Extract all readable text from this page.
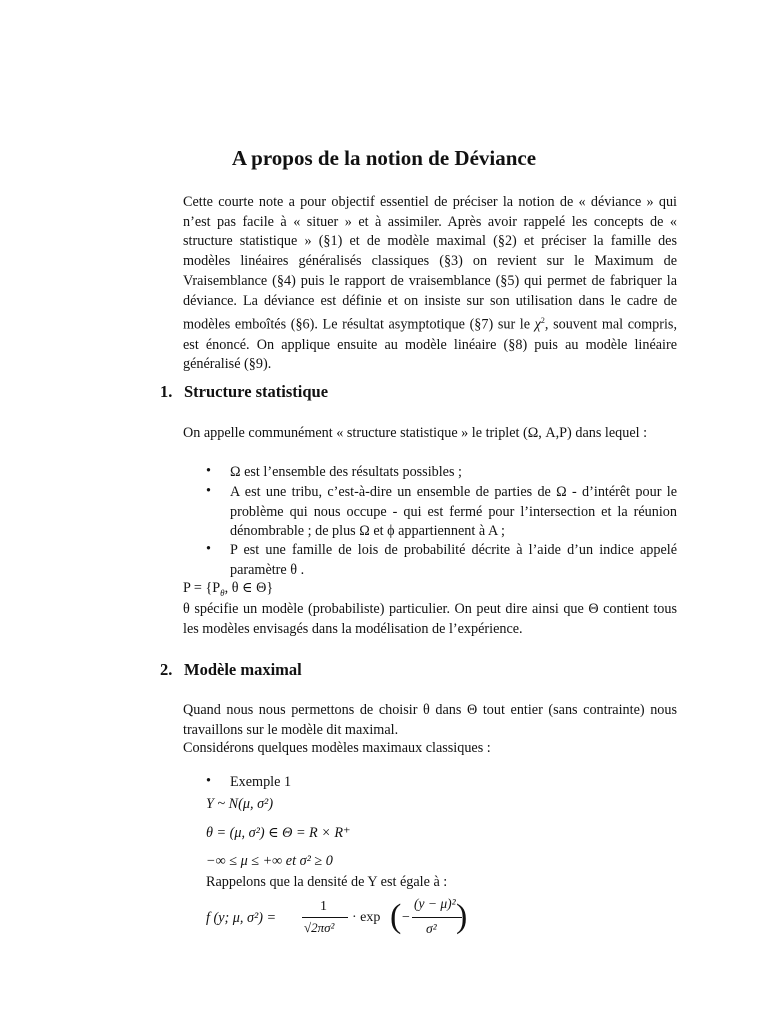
A propos de la notion de Déviance
Cette courte note a pour objectif essentiel de préciser la notion de « déviance » qui n’est pas facile à « situer » et à assimiler. Après avoir rappelé les concepts de « structure statistique » (§1) et de modèle maximal (§2) et préciser la famille des modèles linéaires généralisés classiques (§3) on revient sur le Maximum de Vraisemblance (§4) puis le rapport de vraisemblance (§5) qui permet de fabriquer la déviance. La déviance est définie et on insiste sur son utilisation dans le cadre de modèles emboîtés (§6). Le résultat asymptotique (§7) sur le $\chi^2$, souvent mal compris, est énoncé. On applique ensuite au modèle linéaire (§8) puis au modèle linéaire généralisé (§9).
1. Structure statistique
On appelle communément « structure statistique » le triplet (Ω, A,P) dans lequel :
• Ω est l’ensemble des résultats possibles ;
• A est une tribu, c’est-à-dire un ensemble de parties de Ω - d’intérêt pour le problème qui nous occupe - qui est fermé pour l’intersection et la réunion dénombrable ; de plus Ω et ϕ appartiennent à A ;
• P est une famille de lois de probabilité décrite à l’aide d’un indice appelé paramètre θ .
$P = \{P_\theta$, θ ∈ Θ}
θ spécifie un modèle (probabiliste) particulier. On peut dire ainsi que Θ contient tous les modèles envisagés dans la modélisation de l’expérience.
2. Modèle maximal
Quand nous nous permettons de choisir θ dans Θ tout entier (sans contrainte) nous travaillons sur le modèle dit maximal.
Considérons quelques modèles maximaux classiques :
• Exemple 1
Y ~ N(μ, σ²)
θ = (μ, σ²) ∈ Θ = R × R⁺
−∞ ≤ μ ≤ +∞ et σ² ≥ 0
Rappelons que la densité de Y est égale à :
f (y; μ, σ²) =
1
√2πσ²
· exp ( −
(y − μ)²
σ² )
